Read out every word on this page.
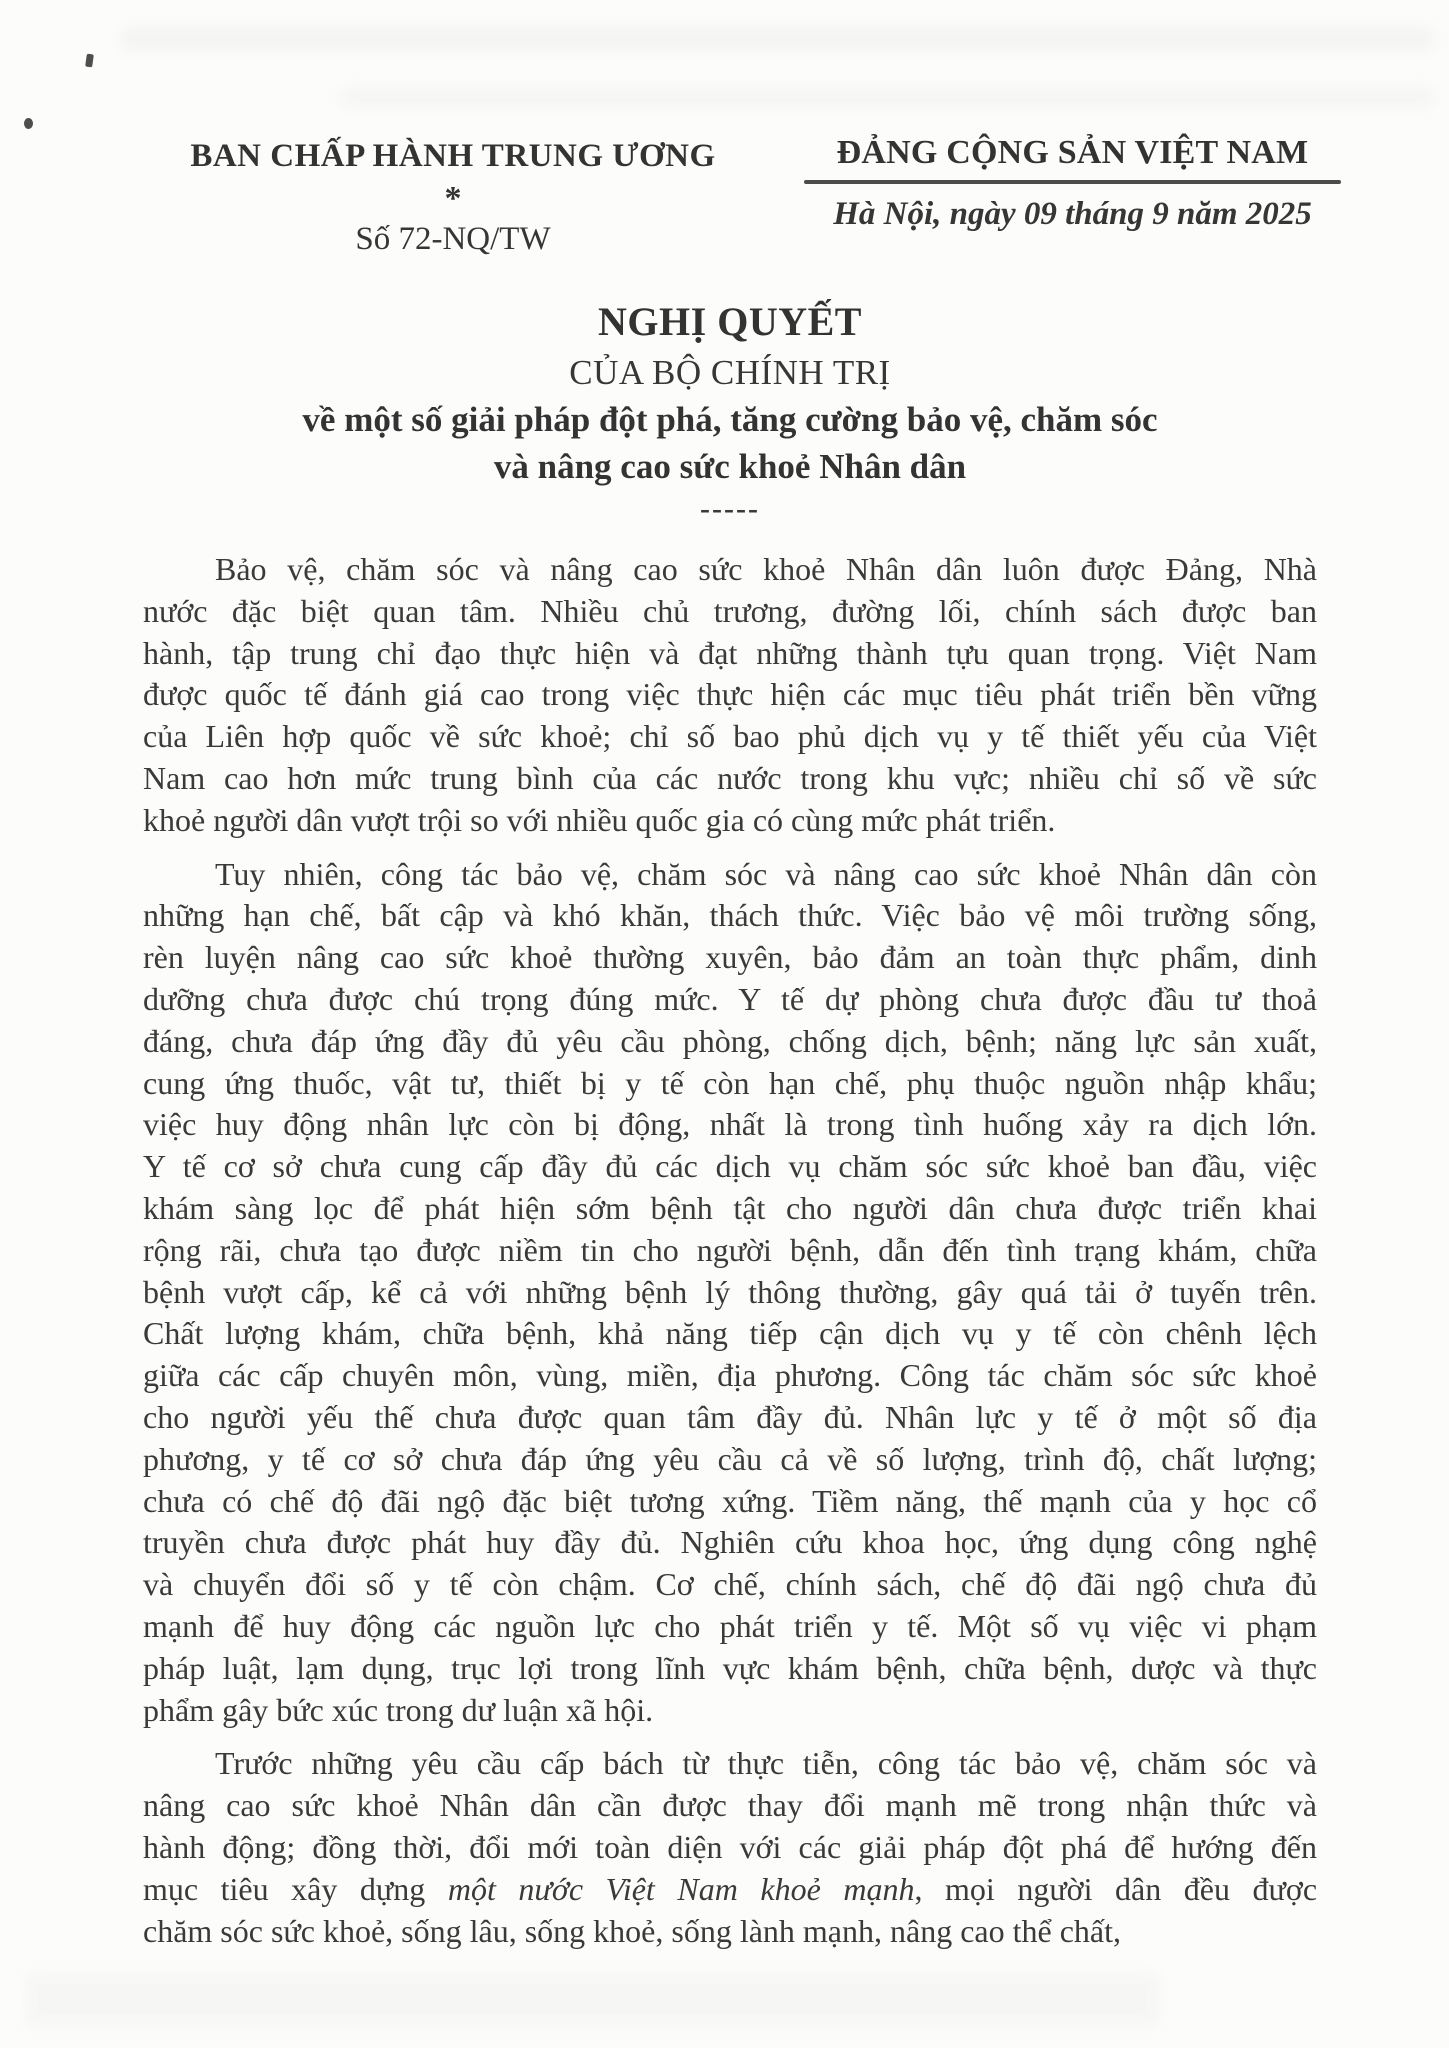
BAN CHẤP HÀNH TRUNG ƯƠNG
*
Số 72-NQ/TW
ĐẢNG CỘNG SẢN VIỆT NAM
Hà Nội, ngày 09 tháng 9 năm 2025
NGHỊ QUYẾT
CỦA BỘ CHÍNH TRỊ
về một số giải pháp đột phá, tăng cường bảo vệ, chăm sóc
và nâng cao sức khoẻ Nhân dân
-----
Bảo vệ, chăm sóc và nâng cao sức khoẻ Nhân dân luôn được Đảng, Nhà
nước đặc biệt quan tâm. Nhiều chủ trương, đường lối, chính sách được ban
hành, tập trung chỉ đạo thực hiện và đạt những thành tựu quan trọng. Việt Nam
được quốc tế đánh giá cao trong việc thực hiện các mục tiêu phát triển bền vững
của Liên hợp quốc về sức khoẻ; chỉ số bao phủ dịch vụ y tế thiết yếu của Việt
Nam cao hơn mức trung bình của các nước trong khu vực; nhiều chỉ số về sức
khoẻ người dân vượt trội so với nhiều quốc gia có cùng mức phát triển.
Tuy nhiên, công tác bảo vệ, chăm sóc và nâng cao sức khoẻ Nhân dân còn
những hạn chế, bất cập và khó khăn, thách thức. Việc bảo vệ môi trường sống,
rèn luyện nâng cao sức khoẻ thường xuyên, bảo đảm an toàn thực phẩm, dinh
dưỡng chưa được chú trọng đúng mức. Y tế dự phòng chưa được đầu tư thoả
đáng, chưa đáp ứng đầy đủ yêu cầu phòng, chống dịch, bệnh; năng lực sản xuất,
cung ứng thuốc, vật tư, thiết bị y tế còn hạn chế, phụ thuộc nguồn nhập khẩu;
việc huy động nhân lực còn bị động, nhất là trong tình huống xảy ra dịch lớn.
Y tế cơ sở chưa cung cấp đầy đủ các dịch vụ chăm sóc sức khoẻ ban đầu, việc
khám sàng lọc để phát hiện sớm bệnh tật cho người dân chưa được triển khai
rộng rãi, chưa tạo được niềm tin cho người bệnh, dẫn đến tình trạng khám, chữa
bệnh vượt cấp, kể cả với những bệnh lý thông thường, gây quá tải ở tuyến trên.
Chất lượng khám, chữa bệnh, khả năng tiếp cận dịch vụ y tế còn chênh lệch
giữa các cấp chuyên môn, vùng, miền, địa phương. Công tác chăm sóc sức khoẻ
cho người yếu thế chưa được quan tâm đầy đủ. Nhân lực y tế ở một số địa
phương, y tế cơ sở chưa đáp ứng yêu cầu cả về số lượng, trình độ, chất lượng;
chưa có chế độ đãi ngộ đặc biệt tương xứng. Tiềm năng, thế mạnh của y học cổ
truyền chưa được phát huy đầy đủ. Nghiên cứu khoa học, ứng dụng công nghệ
và chuyển đổi số y tế còn chậm. Cơ chế, chính sách, chế độ đãi ngộ chưa đủ
mạnh để huy động các nguồn lực cho phát triển y tế. Một số vụ việc vi phạm
pháp luật, lạm dụng, trục lợi trong lĩnh vực khám bệnh, chữa bệnh, dược và thực
phẩm gây bức xúc trong dư luận xã hội.
Trước những yêu cầu cấp bách từ thực tiễn, công tác bảo vệ, chăm sóc và
nâng cao sức khoẻ Nhân dân cần được thay đổi mạnh mẽ trong nhận thức và
hành động; đồng thời, đổi mới toàn diện với các giải pháp đột phá để hướng đến
mục tiêu xây dựng một nước Việt Nam khoẻ mạnh, mọi người dân đều được
chăm sóc sức khoẻ, sống lâu, sống khoẻ, sống lành mạnh, nâng cao thể chất,
